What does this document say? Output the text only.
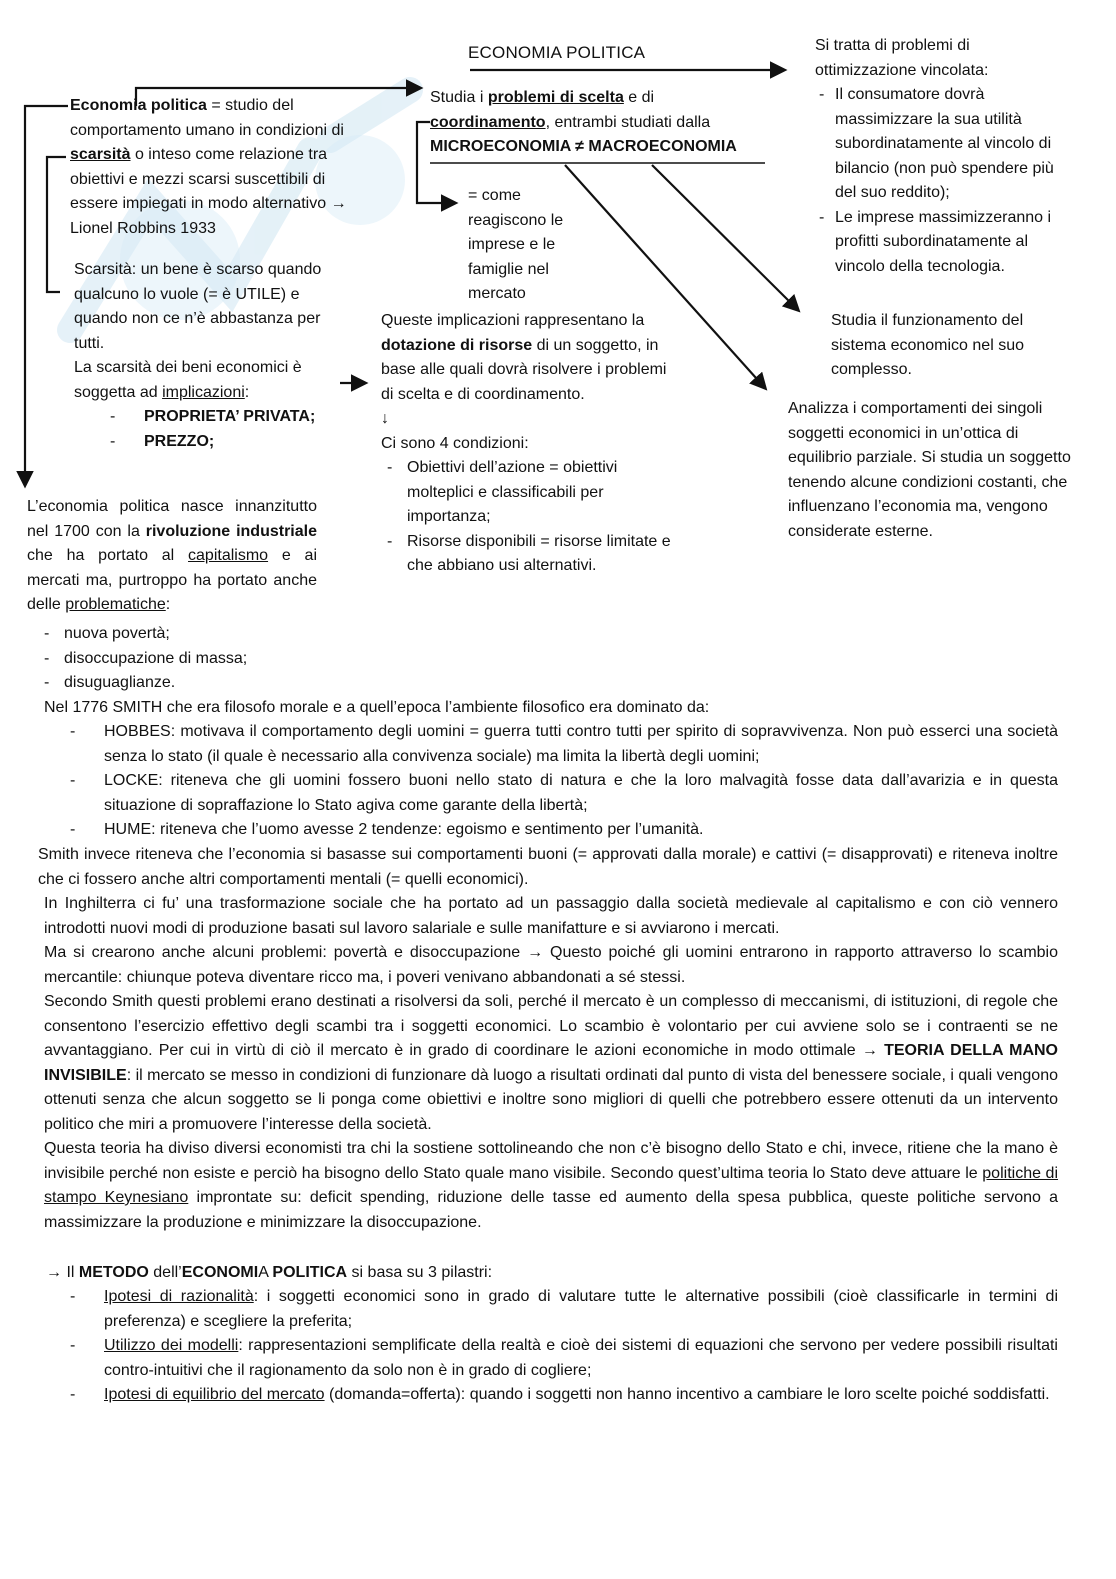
ECONOMIA POLITICA
Economia politica = studio del comportamento umano in condizioni di scarsità o inteso come relazione tra obiettivi e mezzi scarsi suscettibili di essere impiegati in modo alternativo → Lionel Robbins 1933

Scarsità: un bene è scarso quando qualcuno lo vuole (= è UTILE) e quando non ce n’è abbastanza per tutti.

La scarsità dei beni economici è soggetta ad implicazioni:

- PROPRIETA’ PRIVATA;
- PREZZO;
Studia i problemi di scelta e di coordinamento, entrambi studiati dalla
MICROECONOMIA ≠ MACROECONOMIA
= come reagiscono le imprese e le famiglie nel mercato

Si tratta di problemi di ottimizzazione vincolata:

- Il consumatore dovrà massimizzare la sua utilità subordinatamente al vincolo di bilancio (non può spendere più del suo reddito);
- Le imprese massimizzeranno i profitti subordinatamente al vincolo della tecnologia.
Studia il funzionamento del sistema economico nel suo complesso.
Analizza i comportamenti dei singoli soggetti economici in un’ottica di equilibrio parziale. Si studia un soggetto tenendo alcune condizioni costanti, che influenzano l’economia ma, vengono considerate esterne.

Queste implicazioni rappresentano la dotazione di risorse di un soggetto, in base alle quali dovrà risolvere i problemi di scelta e di coordinamento.

↓

Ci sono 4 condizioni:

- Obiettivi dell’azione = obiettivi molteplici e classificabili per importanza;
- Risorse disponibili = risorse limitate e che abbiano usi alternativi.
L’economia politica nasce innanzitutto nel 1700 con la rivoluzione industriale che ha portato al capitalismo e ai mercati ma, purtroppo ha portato anche delle problematiche:
- nuova povertà;
- disoccupazione di massa;
- disuguaglianze.
Nel 1776 SMITH che era filosofo morale e a quell’epoca l’ambiente filosofico era dominato da:
- HOBBES: motivava il comportamento degli uomini = guerra tutti contro tutti per spirito di sopravvivenza. Non può esserci una società senza lo stato (il quale è necessario alla convivenza sociale) ma limita la libertà degli uomini;
- LOCKE: riteneva che gli uomini fossero buoni nello stato di natura e che la loro malvagità fosse data dall’avarizia e in questa situazione di sopraffazione lo Stato agiva come garante della libertà;
- HUME: riteneva che l’uomo avesse 2 tendenze: egoismo e sentimento per l’umanità.
Smith invece riteneva che l’economia si basasse sui comportamenti buoni (= approvati dalla morale) e cattivi (= disapprovati) e riteneva inoltre che ci fossero anche altri comportamenti mentali (= quelli economici).
In Inghilterra ci fu’ una trasformazione sociale che ha portato ad un passaggio dalla società medievale al capitalismo e con ciò vennero introdotti nuovi modi di produzione basati sul lavoro salariale e sulle manifatture e si avviarono i mercati.
Ma si crearono anche alcuni problemi: povertà e disoccupazione → Questo poiché gli uomini entrarono in rapporto attraverso lo scambio mercantile: chiunque poteva diventare ricco ma, i poveri venivano abbandonati a sé stessi.
Secondo Smith questi problemi erano destinati a risolversi da soli, perché il mercato è un complesso di meccanismi, di istituzioni, di regole che consentono l’esercizio effettivo degli scambi tra i soggetti economici. Lo scambio è volontario per cui avviene solo se i contraenti se ne avvantaggiano. Per cui in virtù di ciò il mercato è in grado di coordinare le azioni economiche in modo ottimale → TEORIA DELLA MANO INVISIBILE: il mercato se messo in condizioni di funzionare dà luogo a risultati ordinati dal punto di vista del benessere sociale, i quali vengono ottenuti senza che alcun soggetto se li ponga come obiettivi e inoltre sono migliori di quelli che potrebbero essere ottenuti da un intervento politico che miri a promuovere l’interesse della società.
Questa teoria ha diviso diversi economisti tra chi la sostiene sottolineando che non c’è bisogno dello Stato e chi, invece, ritiene che la mano è invisibile perché non esiste e perciò ha bisogno dello Stato quale mano visibile. Secondo quest’ultima teoria lo Stato deve attuare le politiche di stampo Keynesiano improntate su: deficit spending, riduzione delle tasse ed aumento della spesa pubblica, queste politiche servono a massimizzare la produzione e minimizzare la disoccupazione.
→ Il METODO dell’ECONOMIA POLITICA si basa su 3 pilastri:
- Ipotesi di razionalità: i soggetti economici sono in grado di valutare tutte le alternative possibili (cioè classificarle in termini di preferenza) e scegliere la preferita;
- Utilizzo dei modelli: rappresentazioni semplificate della realtà e cioè dei sistemi di equazioni che servono per vedere possibili risultati contro-intuitivi che il ragionamento da solo non è in grado di cogliere;
- Ipotesi di equilibrio del mercato (domanda=offerta): quando i soggetti non hanno incentivo a cambiare le loro scelte poiché soddisfatti.
